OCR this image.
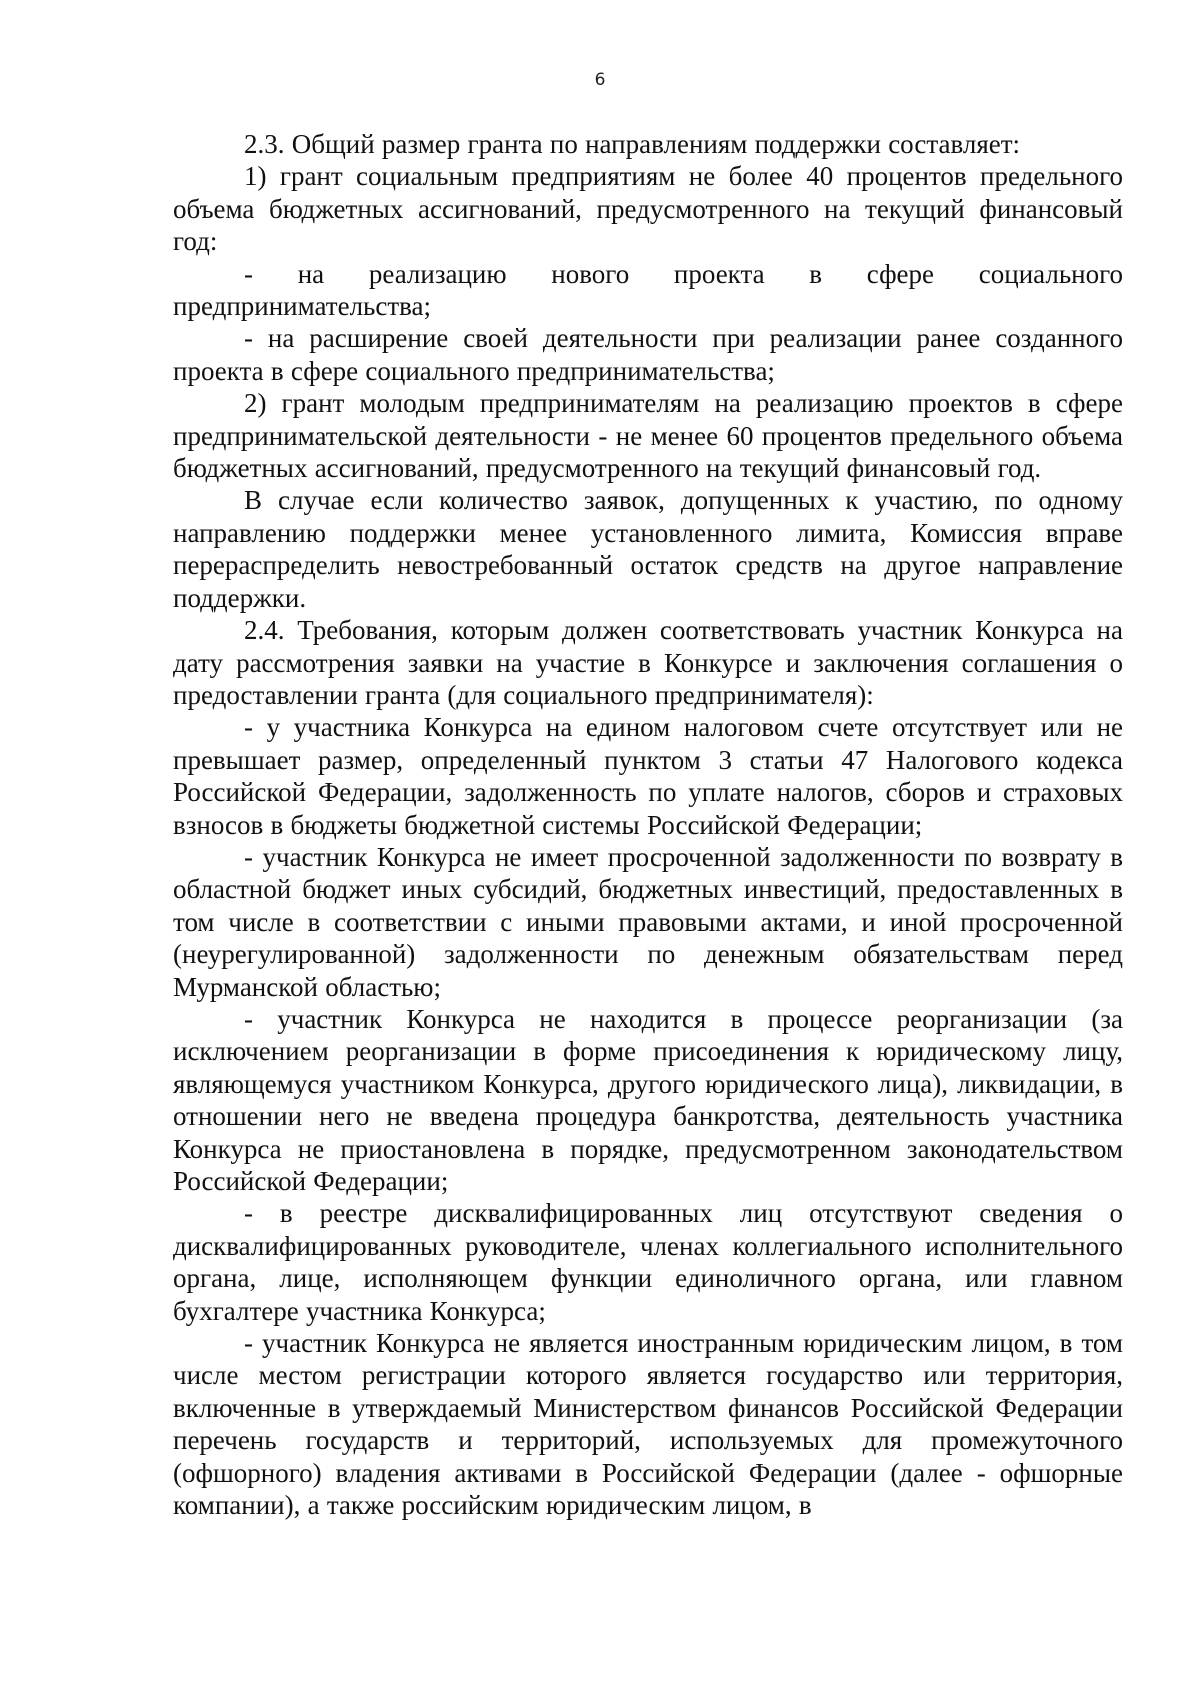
6

2.3. Общий размер гранта по направлениям поддержки составляет:

1) грант социальным предприятиям не более 40 процентов предельного объема бюджетных ассигнований, предусмотренного на текущий финансовый год:

- на реализацию нового проекта в сфере социального предпринимательства;

- на расширение своей деятельности при реализации ранее созданного проекта в сфере социального предпринимательства;

2) грант молодым предпринимателям на реализацию проектов в сфере предпринимательской деятельности - не менее 60 процентов предельного объема бюджетных ассигнований, предусмотренного на текущий финансовый год.

В случае если количество заявок, допущенных к участию, по одному направлению поддержки менее установленного лимита, Комиссия вправе перераспределить невостребованный остаток средств на другое направление поддержки.

2.4. Требования, которым должен соответствовать участник Конкурса на дату рассмотрения заявки на участие в Конкурсе и заключения соглашения о предоставлении гранта (для социального предпринимателя):

- у участника Конкурса на едином налоговом счете отсутствует или не превышает размер, определенный пунктом 3 статьи 47 Налогового кодекса Российской Федерации, задолженность по уплате налогов, сборов и страховых взносов в бюджеты бюджетной системы Российской Федерации;

- участник Конкурса не имеет просроченной задолженности по возврату в областной бюджет иных субсидий, бюджетных инвестиций, предоставленных в том числе в соответствии с иными правовыми актами, и иной просроченной (неурегулированной) задолженности по денежным обязательствам перед Мурманской областью;

- участник Конкурса не находится в процессе реорганизации (за исключением реорганизации в форме присоединения к юридическому лицу, являющемуся участником Конкурса, другого юридического лица), ликвидации, в отношении него не введена процедура банкротства, деятельность участника Конкурса не приостановлена в порядке, предусмотренном законодательством Российской Федерации;

- в реестре дисквалифицированных лиц отсутствуют сведения о дисквалифицированных руководителе, членах коллегиального исполнительного органа, лице, исполняющем функции единоличного органа, или главном бухгалтере участника Конкурса;

- участник Конкурса не является иностранным юридическим лицом, в том числе местом регистрации которого является государство или территория, включенные в утверждаемый Министерством финансов Российской Федерации перечень государств и территорий, используемых для промежуточного (офшорного) владения активами в Российской Федерации (далее - офшорные компании), а также российским юридическим лицом, в
